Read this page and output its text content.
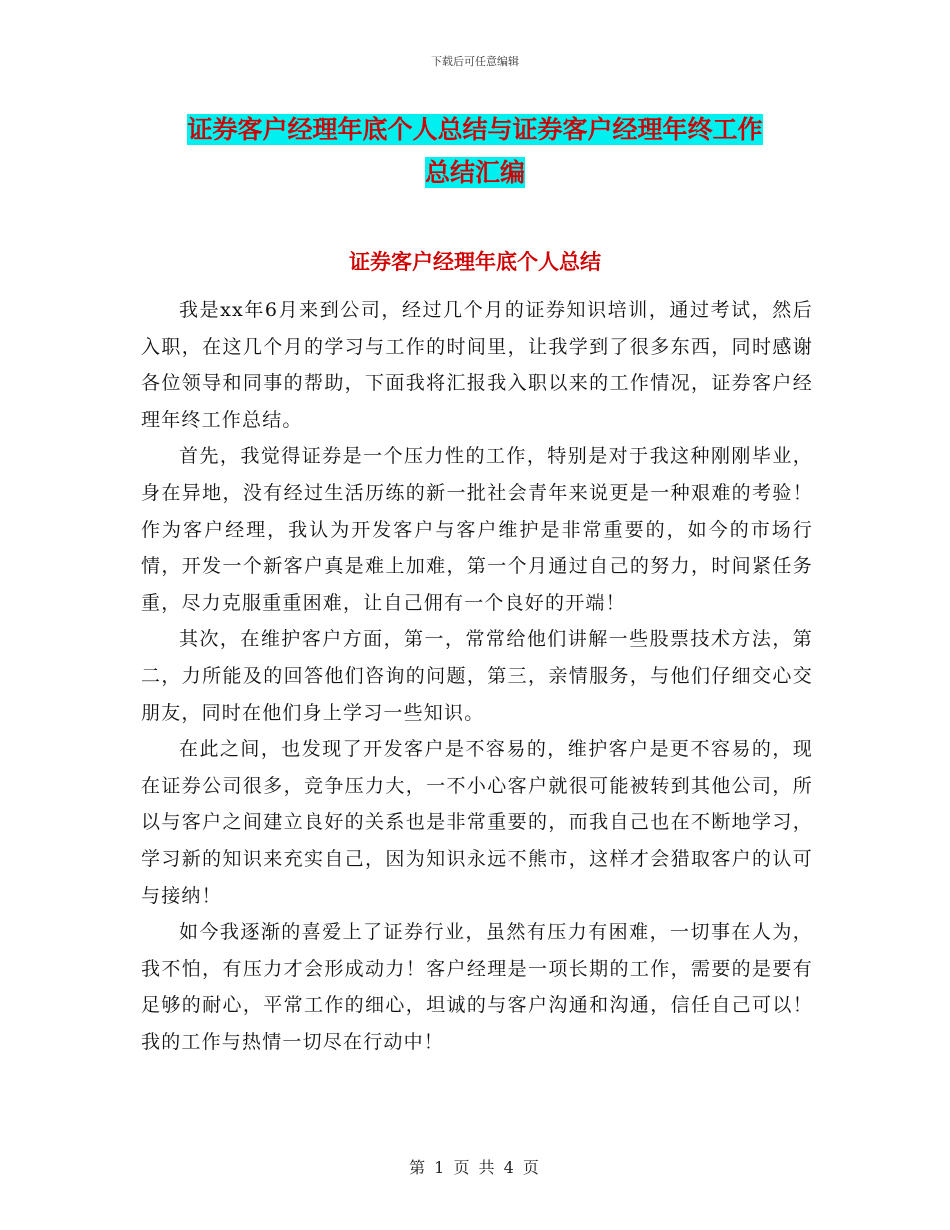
下载后可任意编辑
证券客户经理年底个人总结与证券客户经理年终工作
总结汇编
证券客户经理年底个人总结

我是xx年6月来到公司，经过几个月的证券知识培训，通过考试，然后入职，在这几个月的学习与工作的时间里，让我学到了很多东西，同时感谢各位领导和同事的帮助，下面我将汇报我入职以来的工作情况，证券客户经理年终工作总结。

首先，我觉得证券是一个压力性的工作，特别是对于我这种刚刚毕业，身在异地，没有经过生活历练的新一批社会青年来说更是一种艰难的考验！作为客户经理，我认为开发客户与客户维护是非常重要的，如今的市场行情，开发一个新客户真是难上加难，第一个月通过自己的努力，时间紧任务重，尽力克服重重困难，让自己佣有一个良好的开端！

其次，在维护客户方面，第一，常常给他们讲解一些股票技术方法，第二，力所能及的回答他们咨询的问题，第三，亲情服务，与他们仔细交心交朋友，同时在他们身上学习一些知识。

在此之间，也发现了开发客户是不容易的，维护客户是更不容易的，现在证券公司很多，竞争压力大，一不小心客户就很可能被转到其他公司，所以与客户之间建立良好的关系也是非常重要的，而我自己也在不断地学习，学习新的知识来充实自己，因为知识永远不熊市，这样才会猎取客户的认可与接纳！

如今我逐渐的喜爱上了证券行业，虽然有压力有困难，一切事在人为，我不怕，有压力才会形成动力！客户经理是一项长期的工作，需要的是要有足够的耐心，平常工作的细心，坦诚的与客户沟通和沟通，信任自己可以！我的工作与热情一切尽在行动中！

第 1 页 共 4 页
